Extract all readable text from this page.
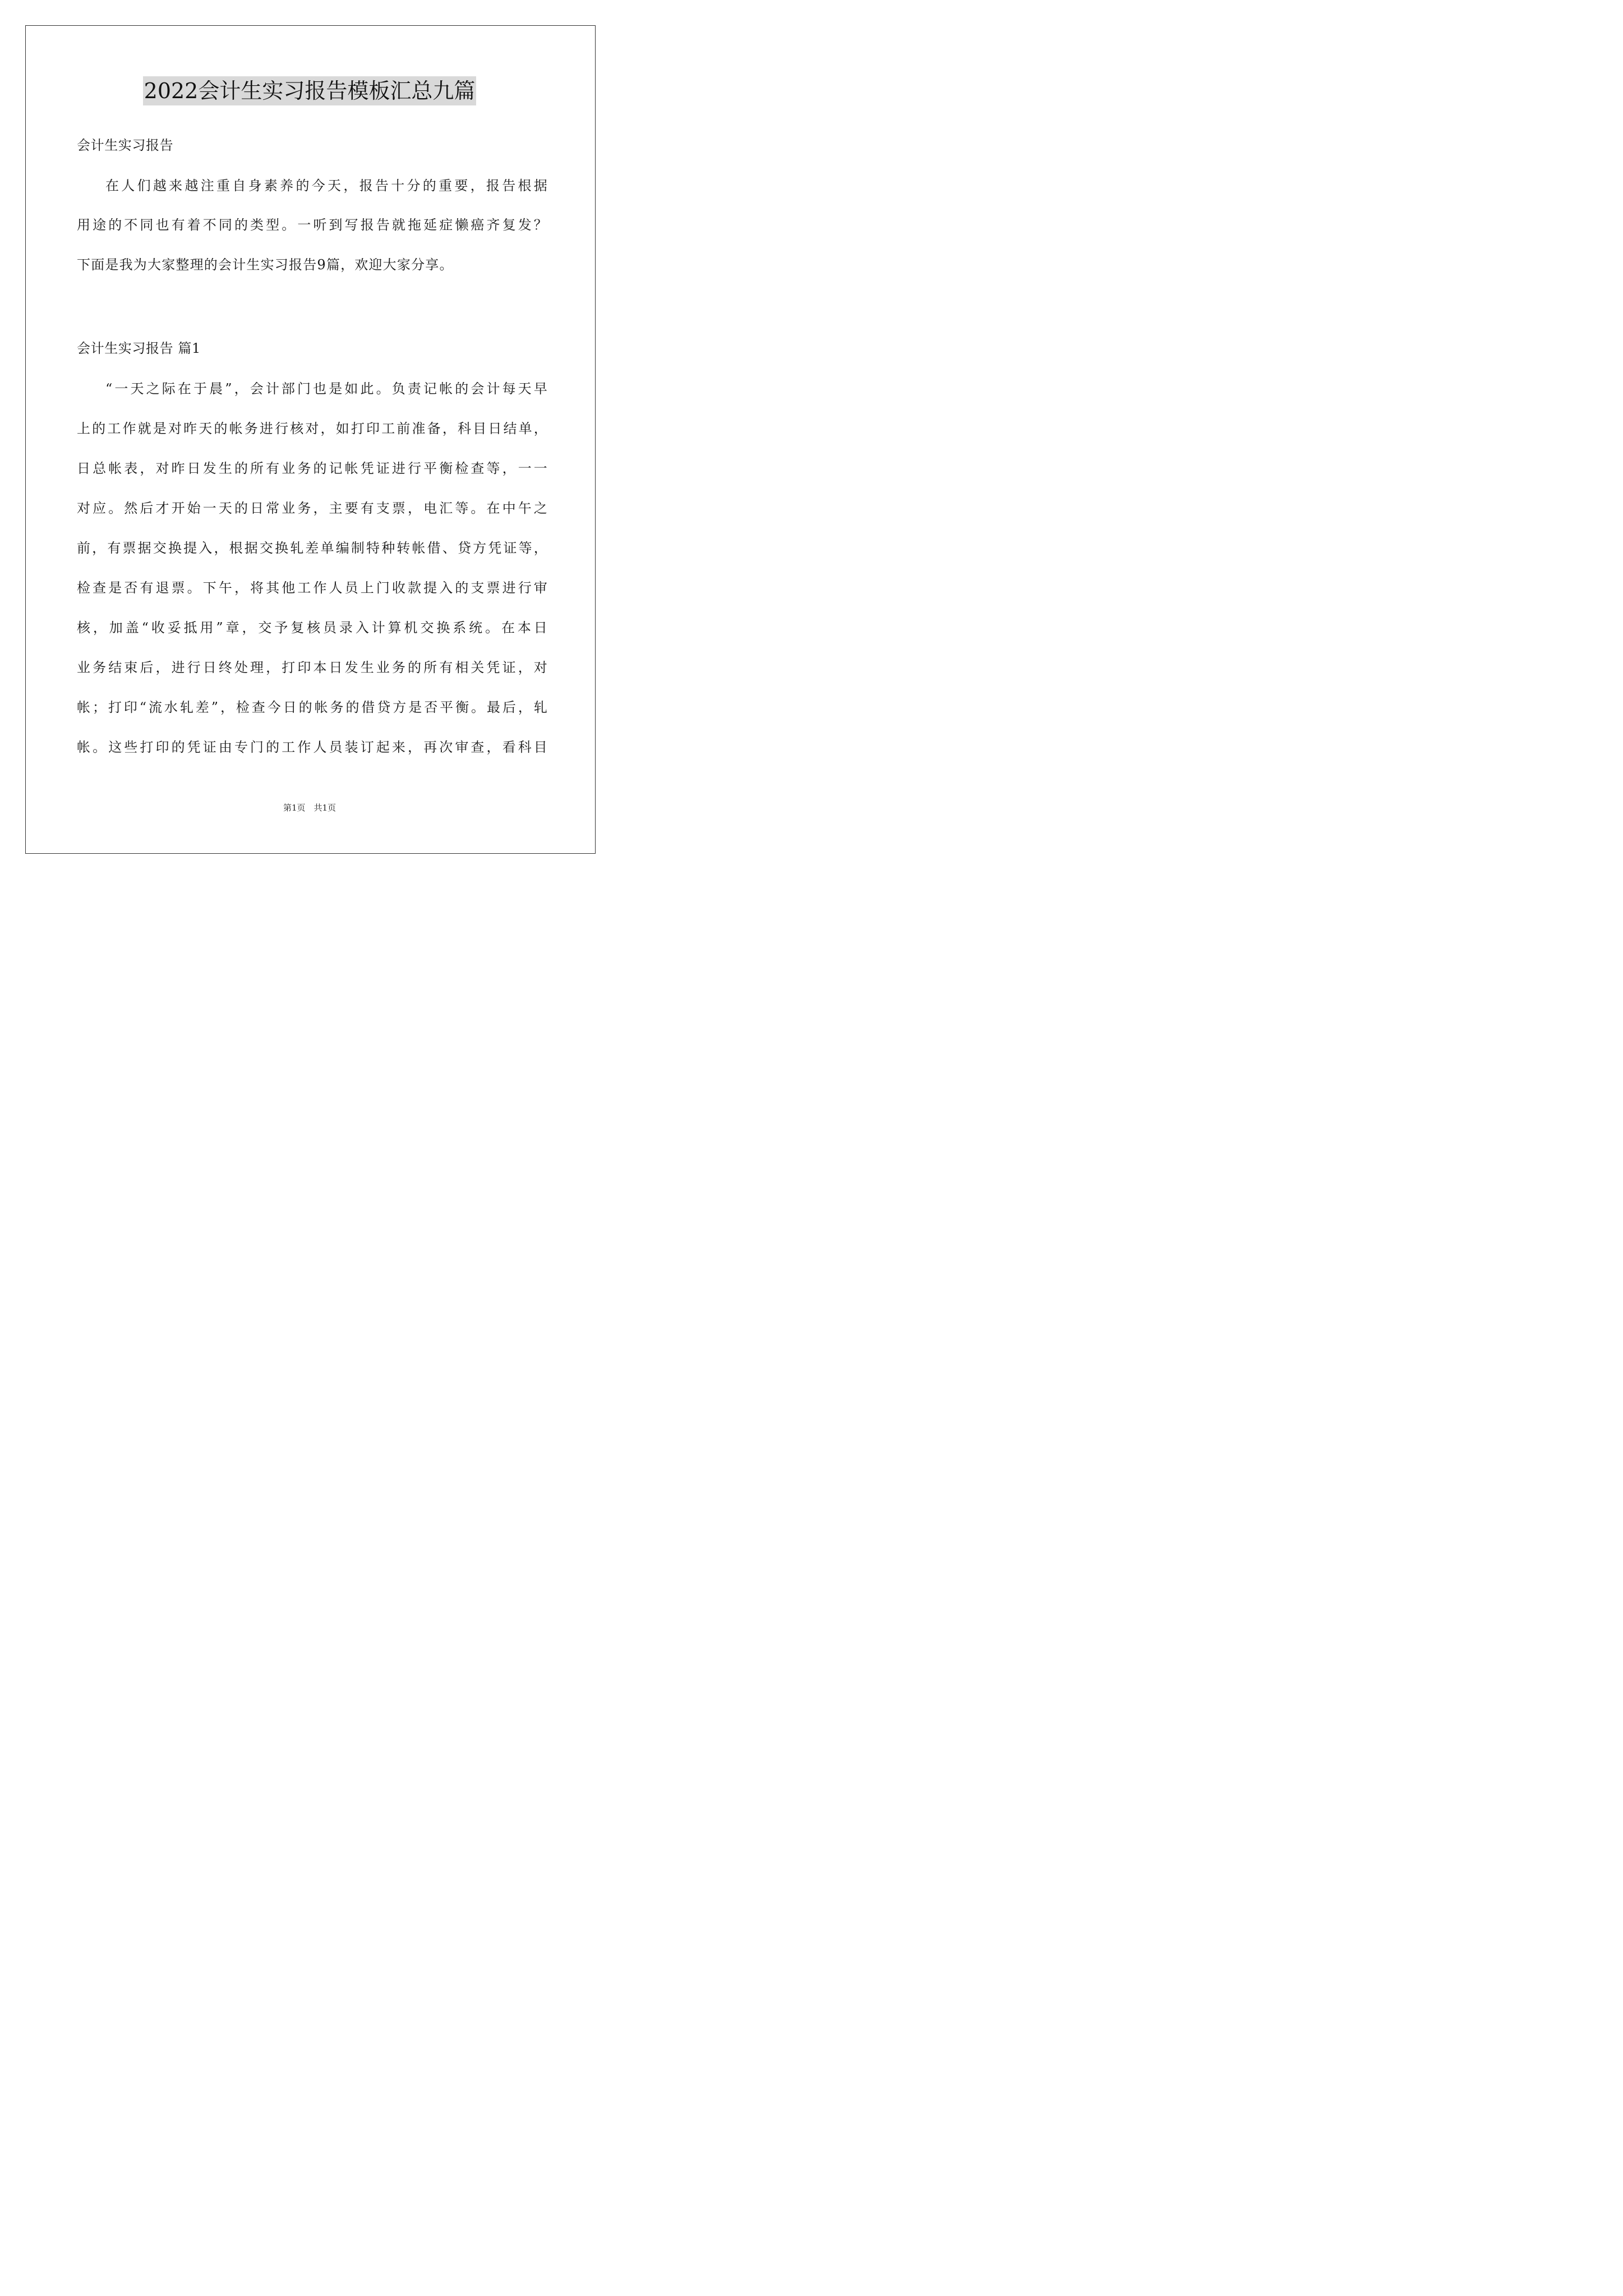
2022会计生实习报告模板汇总九篇
会计生实习报告
在人们越来越注重自身素养的今天，报告十分的重要，报告根据
用途的不同也有着不同的类型。一听到写报告就拖延症懒癌齐复发？
下面是我为大家整理的会计生实习报告9篇，欢迎大家分享。
会计生实习报告 篇1
“一天之际在于晨”，会计部门也是如此。负责记帐的会计每天早
上的工作就是对昨天的帐务进行核对，如打印工前准备，科目日结单，
日总帐表，对昨日发生的所有业务的记帐凭证进行平衡检查等，一一
对应。然后才开始一天的日常业务，主要有支票，电汇等。在中午之
前，有票据交换提入，根据交换轧差单编制特种转帐借、贷方凭证等，
检查是否有退票。下午，将其他工作人员上门收款提入的支票进行审
核，加盖“收妥抵用”章，交予复核员录入计算机交换系统。在本日
业务结束后，进行日终处理，打印本日发生业务的所有相关凭证，对
帐；打印“流水轧差”，检查今日的帐务的借贷方是否平衡。最后，轧
帐。这些打印的凭证由专门的工作人员装订起来，再次审查，看科目
第1页　共1页
